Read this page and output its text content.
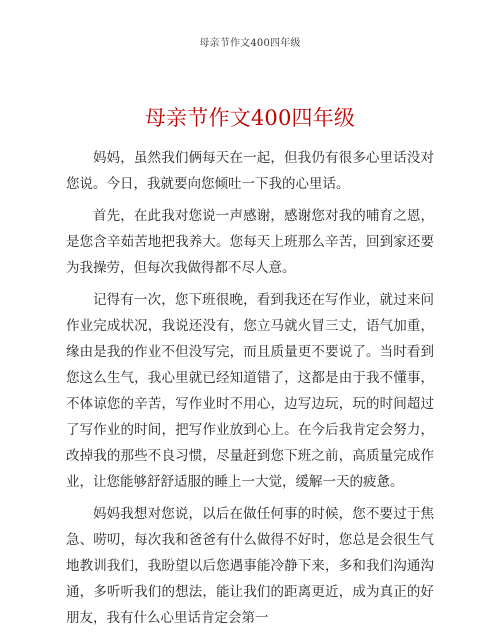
母亲节作文400四年级
母亲节作文400四年级

妈妈，虽然我们俩每天在一起，但我仍有很多心里话没对您说。今日，我就要向您倾吐一下我的心里话。

首先，在此我对您说一声感谢，感谢您对我的哺育之恩，是您含辛茹苦地把我养大。您每天上班那么辛苦，回到家还要为我操劳，但每次我做得都不尽人意。

记得有一次，您下班很晚，看到我还在写作业，就过来问作业完成状况，我说还没有，您立马就火冒三丈，语气加重，缘由是我的作业不但没写完，而且质量更不要说了。当时看到您这么生气，我心里就已经知道错了，这都是由于我不懂事，不体谅您的辛苦，写作业时不用心，边写边玩，玩的时间超过了写作业的时间，把写作业放到心上。在今后我肯定会努力，改掉我的那些不良习惯，尽量赶到您下班之前，高质量完成作业，让您能够舒舒适服的睡上一大觉，缓解一天的疲惫。

妈妈我想对您说，以后在做任何事的时候，您不要过于焦急、唠叨，每次我和爸爸有什么做得不好时，您总是会很生气地教训我们，我盼望以后您遇事能冷静下来，多和我们沟通沟通，多听听我们的想法，能让我们的距离更近，成为真正的好朋友，我有什么心里话肯定会第一
